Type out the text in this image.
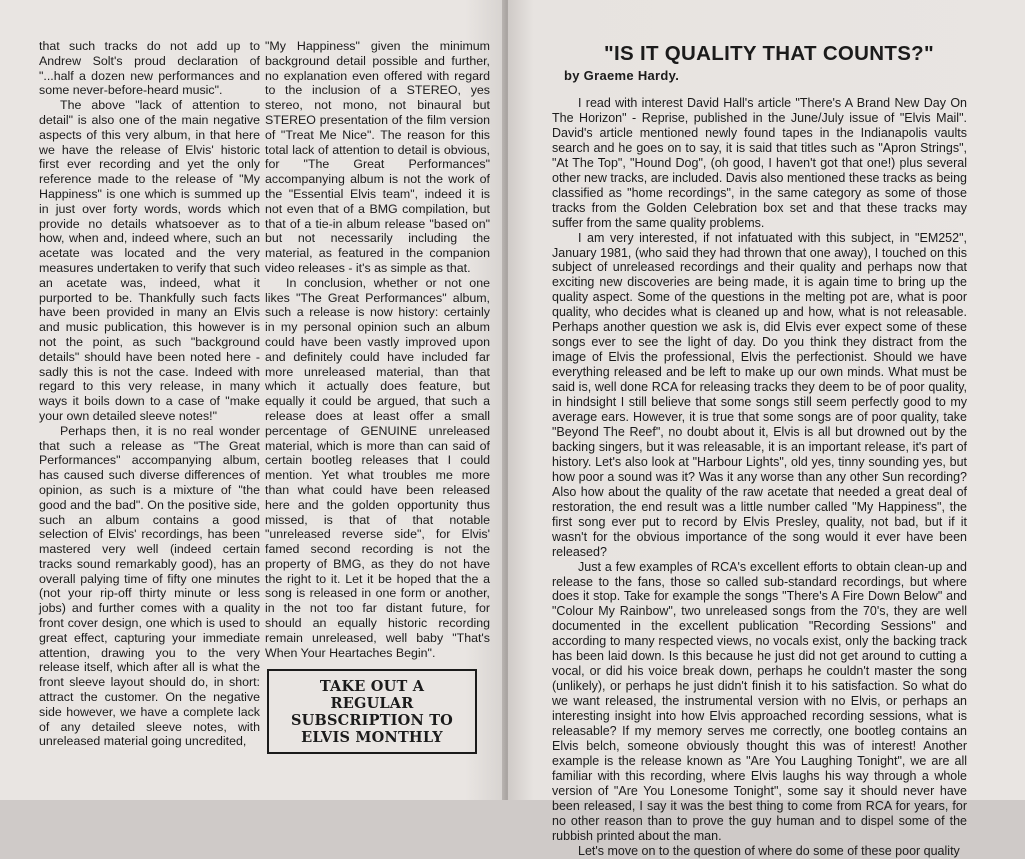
that such tracks do not add up to Andrew Solt's proud declaration of "...half a dozen new performances and some never-before-heard music".

The above "lack of attention to detail" is also one of the main negative aspects of this very album, in that here we have the release of Elvis' historic first ever recording and yet the only reference made to the release of "My Happiness" is one which is summed up in just over forty words, words which provide no details whatsoever as to how, when and, indeed where, such an acetate was located and the very measures undertaken to verify that such an acetate was, indeed, what it purported to be. Thankfully such facts have been provided in many an Elvis and music publication, this however is not the point, as such "background details" should have been noted here - sadly this is not the case. Indeed with regard to this very release, in many ways it boils down to a case of "make your own detailed sleeve notes!"

Perhaps then, it is no real wonder that such a release as "The Great Performances" accompanying album, has caused such diverse differences of opinion, as such is a mixture of "the good and the bad". On the positive side, such an album contains a good selection of Elvis' recordings, has been mastered very well (indeed certain tracks sound remarkably good), has an overall palying time of fifty one minutes (not your rip-off thirty minute or less jobs) and further comes with a quality front cover design, one which is used to great effect, capturing your immediate attention, drawing you to the very release itself, which after all is what the front sleeve layout should do, in short: attract the customer. On the negative side however, we have a complete lack of any detailed sleeve notes, with unreleased material going uncredited,

"My Happiness" given the minimum background detail possible and further, no explanation even offered with regard to the inclusion of a STEREO, yes stereo, not mono, not binaural but STEREO presentation of the film version of "Treat Me Nice". The reason for this total lack of attention to detail is obvious, for "The Great Performances" accompanying album is not the work of the "Essential Elvis team", indeed it is not even that of a BMG compilation, but that of a tie-in album release "based on" but not necessarily including the material, as featured in the companion video releases - it's as simple as that.

In conclusion, whether or not one likes "The Great Performances" album, such a release is now history: certainly in my personal opinion such an album could have been vastly improved upon and definitely could have included far more unreleased material, than that which it actually does feature, but equally it could be argued, that such a release does at least offer a small percentage of GENUINE unreleased material, which is more than can said of certain bootleg releases that I could mention. Yet what troubles me more than what could have been released here and the golden opportunity thus missed, is that of that notable "unreleased reverse side", for Elvis' famed second recording is not the property of BMG, as they do not have the right to it. Let it be hoped that the a song is released in one form or another, in the not too far distant future, for should an equally historic recording remain unreleased, well baby "That's When Your Heartaches Begin".

TAKE OUT A
REGULAR
SUBSCRIPTION TO
ELVIS MONTHLY
"IS IT QUALITY THAT COUNTS?"
by Graeme Hardy.

I read with interest David Hall's article "There's A Brand New Day On The Horizon" - Reprise, published in the June/July issue of "Elvis Mail". David's article mentioned newly found tapes in the Indianapolis vaults search and he goes on to say, it is said that titles such as "Apron Strings", "At The Top", "Hound Dog", (oh good, I haven't got that one!) plus several other new tracks, are included. Davis also mentioned these tracks as being classified as "home recordings", in the same category as some of those tracks from the Golden Celebration box set and that these tracks may suffer from the same quality problems.

I am very interested, if not infatuated with this subject, in "EM252", January 1981, (who said they had thrown that one away), I touched on this subject of unreleased recordings and their quality and perhaps now that exciting new discoveries are being made, it is again time to bring up the quality aspect. Some of the questions in the melting pot are, what is poor quality, who decides what is cleaned up and how, what is not releasable. Perhaps another question we ask is, did Elvis ever expect some of these songs ever to see the light of day. Do you think they distract from the image of Elvis the professional, Elvis the perfectionist. Should we have everything released and be left to make up our own minds. What must be said is, well done RCA for releasing tracks they deem to be of poor quality, in hindsight I still believe that some songs still seem perfectly good to my average ears. However, it is true that some songs are of poor quality, take "Beyond The Reef", no doubt about it, Elvis is all but drowned out by the backing singers, but it was releasable, it is an important release, it's part of history. Let's also look at "Harbour Lights", old yes, tinny sounding yes, but how poor a sound was it? Was it any worse than any other Sun recording? Also how about the quality of the raw acetate that needed a great deal of restoration, the end result was a little number called "My Happiness", the first song ever put to record by Elvis Presley, quality, not bad, but if it wasn't for the obvious importance of the song would it ever have been released?

Just a few examples of RCA's excellent efforts to obtain clean-up and release to the fans, those so called sub-standard recordings, but where does it stop. Take for example the songs "There's A Fire Down Below" and "Colour My Rainbow", two unreleased songs from the 70's, they are well documented in the excellent publication "Recording Sessions" and according to many respected views, no vocals exist, only the backing track has been laid down. Is this because he just did not get around to cutting a vocal, or did his voice break down, perhaps he couldn't master the song (unlikely), or perhaps he just didn't finish it to his satisfaction. So what do we want released, the instrumental version with no Elvis, or perhaps an interesting insight into how Elvis approached recording sessions, what is releasable? If my memory serves me correctly, one bootleg contains an Elvis belch, someone obviously thought this was of interest! Another example is the release known as "Are You Laughing Tonight", we are all familiar with this recording, where Elvis laughs his way through a whole version of "Are You Lonesome Tonight", some say it should never have been released, I say it was the best thing to come from RCA for years, for no other reason than to prove the guy human and to dispel some of the rubbish printed about the man.

Let's move on to the question of where do some of these poor quality
